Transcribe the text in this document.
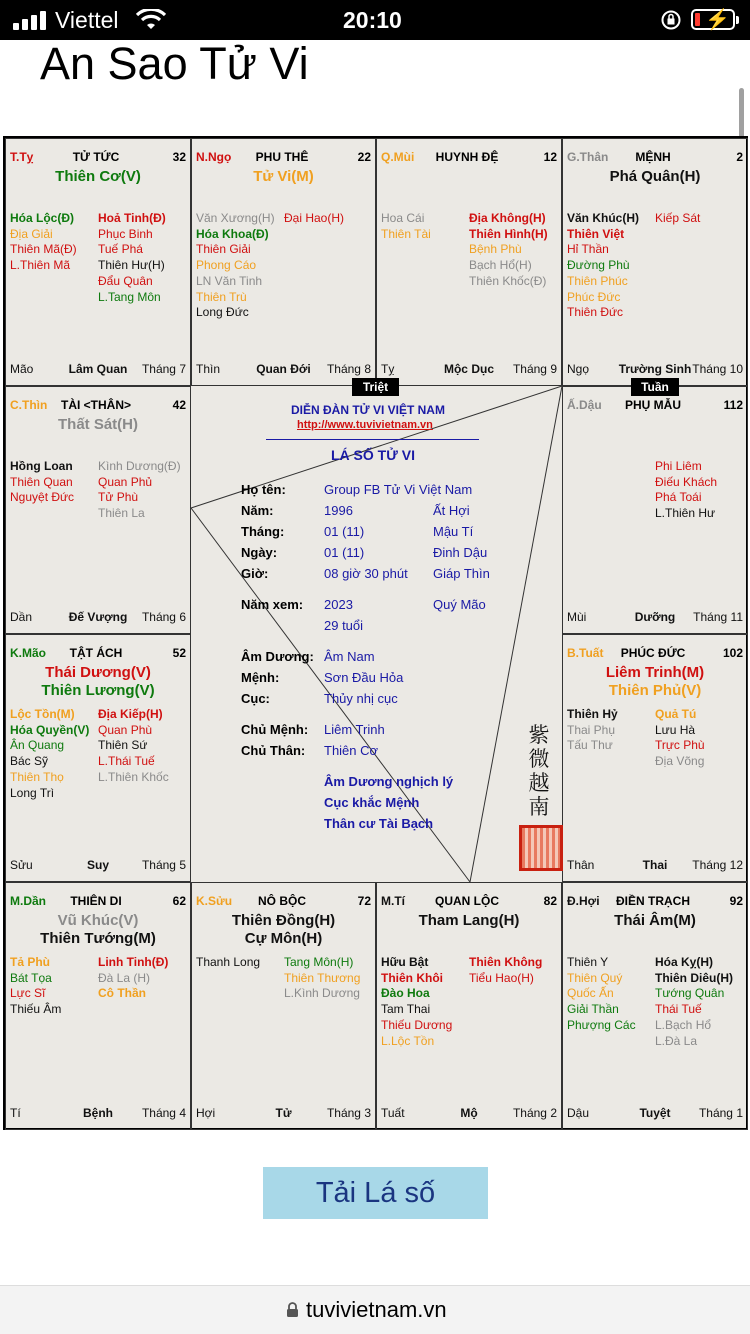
Viettel	20:10	⚡
An Sao Tử Vi
T.Tỵ	TỬ TỨC	32
Thiên Cơ(V)
Hóa Lộc(Đ)
Địa Giải
Thiên Mã(Đ)
L.Thiên Mã
Hoả Tinh(Đ)
Phục Binh
Tuế Phá
Thiên Hư(H)
Đẩu Quân
L.Tang Môn
Mão	Lâm Quan	Tháng 7
N.Ngọ	PHU THÊ	22
Tử Vi(M)
Văn Xương(H)
Hóa Khoa(Đ)
Thiên Giải
Phong Cáo
LN Văn Tinh
Thiên Trù
Long Đức
Đại Hao(H)
Thìn	Quan Đới	Tháng 8
Q.Mùi	HUYNH ĐỆ	12
Hoa Cái
Thiên Tài
Địa Không(H)
Thiên Hình(H)
Bệnh Phù
Bạch Hổ(H)
Thiên Khốc(Đ)
Tỵ	Mộc Dục	Tháng 9
G.Thân	MỆNH	2
Phá Quân(H)
Văn Khúc(H)
Thiên Việt
Hỉ Thần
Đường Phù
Thiên Phúc
Phúc Đức
Thiên Đức
Kiếp Sát
Ngọ	Trường Sinh Tháng 10
C.Thìn	TÀI <THÂN>	42
Thất Sát(H)
Hồng Loan
Thiên Quan
Nguyệt Đức
Kình Dương(Đ)
Quan Phủ
Tử Phù
Thiên La
Dần	Đế Vượng	Tháng 6
Ấ.Dậu	PHỤ MẪU	112
Phi Liêm
Điếu Khách
Phá Toái
L.Thiên Hư
Mùi	Dưỡng	Tháng 11
K.Mão	TẬT ÁCH	52
Thái Dương(V)
Thiên Lương(V)
Lộc Tồn(M)
Hóa Quyền(V)
Ân Quang
Bác Sỹ
Thiên Thọ
Long Trì
Địa Kiếp(H)
Quan Phù
Thiên Sứ
L.Thái Tuế
L.Thiên Khốc
Sửu	Suy	Tháng 5
B.Tuất	PHÚC ĐỨC	102
Liêm Trinh(M)
Thiên Phủ(V)
Thiên Hỷ
Thai Phụ
Tấu Thư
Quả Tú
Lưu Hà
Trực Phù
Địa Võng
Thân	Thai	Tháng 12
M.Dần	THIÊN DI	62
Vũ Khúc(V)
Thiên Tướng(M)
Tả Phù
Bát Tọa
Lực Sĩ
Thiếu Âm
Linh Tinh(Đ)
Đà La (H)
Cô Thần
Tí	Bệnh	Tháng 4
K.Sửu	NÔ BỘC	72
Thiên Đồng(H)
Cự Môn(H)
Thanh Long Tang Môn(H)
Thiên Thương
L.Kình Dương
Hợi	Tử	Tháng 3
M.Tí	QUAN LỘC	82
Tham Lang(H)
Hữu Bật
Thiên Khôi
Đào Hoa
Tam Thai
Thiếu Dương
L.Lộc Tồn
Thiên Không
Tiểu Hao(H)
Tuất	Mộ	Tháng 2
Đ.Hợi	ĐIỀN TRẠCH	92
Thái Âm(M)
Thiên Y
Thiên Quý
Quốc Ấn
Giải Thần
Phượng Các
Hóa Kỵ(H)
Thiên Diêu(H)
Tướng Quân
Thái Tuế
L.Bạch Hổ
L.Đà La
Dậu	Tuyệt	Tháng 1
DIỄN ĐÀN TỬ VI VIỆT NAM
http://www.tuvivietnam.vn
LÁ SỐ TỬ VI
Họ tên:	Group FB Tử Vi Việt Nam
Năm:	1996	Ất Hợi
Tháng:	01 (11)	Mậu Tí
Ngày:	01 (11)	Đinh Dậu
Giờ:	08 giờ 30 phút Giáp Thìn
Năm xem: 2023	Quý Mão
29 tuổi
Âm Dương: Âm Nam
Mệnh:	Sơn Đầu Hỏa
Cục:	Thủy nhị cục
Chủ Mệnh: Liêm Trinh
Chủ Thân: Thiên Cơ
Âm Dương nghịch lý
Cục khắc Mệnh
Thân cư Tài Bạch
紫
微
越
南
Triệt	Tuần
Tải Lá số
tuvivietnam.vn
